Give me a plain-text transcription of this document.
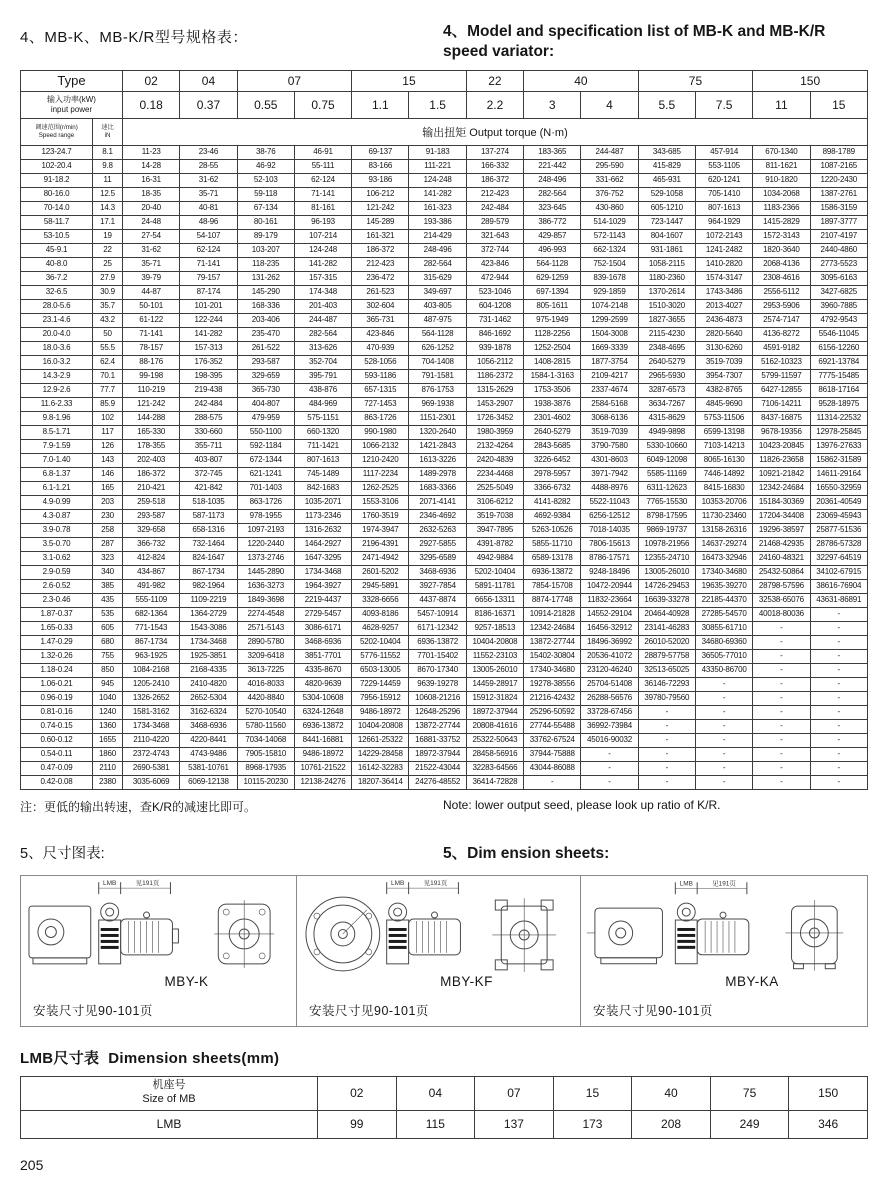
4、MB-K、MB-K/R型号规格表：	4、Model and specification list of MB-K and MB-K/R speed variator:
Type		02	04	07		15		22	40		75		150	

输入功率(kW)
input power		0.18	0.37	0.55	0.75	1.1	1.5	2.2	3	4	5.5	7.5	11	15

调速范围(r/min)
Speed range

速比
iN	输出扭矩 Output torque (N·m)
123-24.7	8.1	11-23	23-46	38-76	46-91	69-137	91-183	137-274	183-365	244-487	343-685	457-914	670-1340	898-1789
102-20.4	9.8	14-28	28-55	46-92	55-111	83-166	111-221	166-332	221-442	295-590	415-829	553-1105	811-1621	1087-2165
91-18.2	11	16-31	31-62	52-103	62-124	93-186	124-248	186-372	248-496	331-662	465-931	620-1241	910-1820	1220-2430
80-16.0	12.5	18-35	35-71	59-118	71-141	106-212	141-282	212-423	282-564	376-752	529-1058	705-1410	1034-2068	1387-2761
70-14.0	14.3	20-40	40-81	67-134	81-161	121-242	161-323	242-484	323-645	430-860	605-1210	807-1613	1183-2366	1586-3159
58-11.7	17.1	24-48	48-96	80-161	96-193	145-289	193-386	289-579	386-772	514-1029	723-1447	964-1929	1415-2829	1897-3777
53-10.5	19	27-54	54-107	89-179	107-214	161-321	214-429	321-643	429-857	572-1143	804-1607	1072-2143	1572-3143	2107-4197
45-9.1	22	31-62	62-124	103-207	124-248	186-372	248-496	372-744	496-993	662-1324	931-1861	1241-2482	1820-3640	2440-4860
40-8.0	25	35-71	71-141	118-235	141-282	212-423	282-564	423-846	564-1128	752-1504	1058-2115	1410-2820	2068-4136	2773-5523
36-7.2	27.9	39-79	79-157	131-262	157-315	236-472	315-629	472-944	629-1259	839-1678	1180-2360	1574-3147	2308-4616	3095-6163
32-6.5	30.9	44-87	87-174	145-290	174-348	261-523	349-697	523-1046	697-1394	929-1859	1370-2614	1743-3486	2556-5112	3427-6825
28.0-5.6	35.7	50-101	101-201	168-336	201-403	302-604	403-805	604-1208	805-1611	1074-2148	1510-3020	2013-4027	2953-5906	3960-7885
23.1-4.6	43.2	61-122	122-244	203-406	244-487	365-731	487-975	731-1462	975-1949	1299-2599	1827-3655	2436-4873	2574-7147	4792-9543
20.0-4.0	50	71-141	141-282	235-470	282-564	423-846	564-1128	846-1692	1128-2256	1504-3008	2115-4230	2820-5640	4136-8272	5546-11045
18.0-3.6	55.5	78-157	157-313	261-522	313-626	470-939	626-1252	939-1878	1252-2504	1669-3339	2348-4695	3130-6260	4591-9182	6156-12260
16.0-3.2	62.4	88-176	176-352	293-587	352-704	528-1056	704-1408	1056-2112	1408-2815	1877-3754	2640-5279	3519-7039	5162-10323	6921-13784
14.3-2.9	70.1	99-198	198-395	329-659	395-791	593-1186	791-1581	1186-2372	1584-1-3163	2109-4217	2965-5930	3954-7307	5799-11597	7775-15485
12.9-2.6	77.7	110-219	219-438	365-730	438-876	657-1315	876-1753	1315-2629	1753-3506	2337-4674	3287-6573	4382-8765	6427-12855	8618-17164
11.6-2.33	85.9	121-242	242-484	404-807	484-969	727-1453	969-1938	1453-2907	1938-3876	2584-5168	3634-7267	4845-9690	7106-14211	9528-18975
9.8-1.96	102	144-288	288-575	479-959	575-1151	863-1726	1151-2301	1726-3452	2301-4602	3068-6136	4315-8629	5753-11506	8437-16875	11314-22532
8.5-1.71	117	165-330	330-660	550-1100	660-1320	990-1980	1320-2640	1980-3959	2640-5279	3519-7039	4949-9898	6599-13198	9678-19356	12978-25845
7.9-1.59	126	178-355	355-711	592-1184	711-1421	1066-2132	1421-2843	2132-4264	2843-5685	3790-7580	5330-10660	7103-14213	10423-20845	13976-27633
7.0-1.40	143	202-403	403-807	672-1344	807-1613	1210-2420	1613-3226	2420-4839	3226-6452	4301-8603	6049-12098	8065-16130	11826-23658	15862-31589
6.8-1.37	146	186-372	372-745	621-1241	745-1489	1117-2234	1489-2978	2234-4468	2978-5957	3971-7942	5585-11169	7446-14892	10921-21842	14611-29164
6.1-1.21	165	210-421	421-842	701-1403	842-1683	1262-2525	1683-3366	2525-5049	3366-6732	4488-8976	6311-12623	8415-16830	12342-24684	16550-32959
4.9-0.99	203	259-518	518-1035	863-1726	1035-2071	1553-3106	2071-4141	3106-6212	4141-8282	5522-11043	7765-15530	10353-20706	15184-30369	20361-40549
4.3-0.87	230	293-587	587-1173	978-1955	1173-2346	1760-3519	2346-4692	3519-7038	4692-9384	6256-12512	8798-17595	11730-23460	17204-34408	23069-45943
3.9-0.78	258	329-658	658-1316	1097-2193	1316-2632	1974-3947	2632-5263	3947-7895	5263-10526	7018-14035	9869-19737	13158-26316	19296-38597	25877-51536
3.5-0.70	287	366-732	732-1464	1220-2440	1464-2927	2196-4391	2927-5855	4391-8782	5855-11710	7806-15613	10978-21956	14637-29274	21468-42935	28786-57328
3.1-0.62	323	412-824	824-1647	1373-2746	1647-3295	2471-4942	3295-6589	4942-9884	6589-13178	8786-17571	12355-24710	16473-32946	24160-48321	32297-64519
2.9-0.59	340	434-867	867-1734	1445-2890	1734-3468	2601-5202	3468-6936	5202-10404	6936-13872	9248-18496	13005-26010	17340-34680	25432-50864	34102-67915
2.6-0.52	385	491-982	982-1964	1636-3273	1964-3927	2945-5891	3927-7854	5891-11781	7854-15708	10472-20944	14726-29453	19635-39270	28798-57596	38616-76904
2.3-0.46	435	555-1109	1109-2219	1849-3698	2219-4437	3328-6656	4437-8874	6656-13311	8874-17748	11832-23664	16639-33278	22185-44370	32538-65076	43631-86891
1.87-0.37	535	682-1364	1364-2729	2274-4548	2729-5457	4093-8186	5457-10914	8186-16371	10914-21828	14552-29104	20464-40928	27285-54570	40018-80036	-
1.65-0.33	605	771-1543	1543-3086	2571-5143	3086-6171	4628-9257	6171-12342	9257-18513	12342-24684	16456-32912	23141-46283	30855-61710	-	-
1.47-0.29	680	867-1734	1734-3468	2890-5780	3468-6936	5202-10404	6936-13872	10404-20808	13872-27744	18496-36992	26010-52020	34680-69360	-	-
1.32-0.26	755	963-1925	1925-3851	3209-6418	3851-7701	5776-11552	7701-15402	11552-23103	15402-30804	20536-41072	28879-57758	36505-77010	-	-
1.18-0.24	850	1084-2168	2168-4335	3613-7225	4335-8670	6503-13005	8670-17340	13005-26010	17340-34680	23120-46240	32513-65025	43350-86700	-	-
1.06-0.21	945	1205-2410	2410-4820	4016-8033	4820-9639	7229-14459	9639-19278	14459-28917	19278-38556	25704-51408	36146-72293	-	-	-
0.96-0.19	1040	1326-2652	2652-5304	4420-8840	5304-10608	7956-15912	10608-21216	15912-31824	21216-42432	26288-56576	39780-79560	-	-	-
0.81-0.16	1240	1581-3162	3162-6324	5270-10540	6324-12648	9486-18972	12648-25296	18972-37944	25296-50592	33728-67456	-	-	-	-
0.74-0.15	1360	1734-3468	3468-6936	5780-11560	6936-13872	10404-20808	13872-27744	20808-41616	27744-55488	36992-73984	-	-	-	-
0.60-0.12	1655	2110-4220	4220-8441	7034-14068	8441-16881	12661-25322	16881-33752	25322-50643	33762-67524	45016-90032	-	-	-	-
0.54-0.11	1860	2372-4743	4743-9486	7905-15810	9486-18972	14229-28458	18972-37944	28458-56916	37944-75888	-	-	-	-	-
0.47-0.09	2110	2690-5381	5381-10761	8968-17935	10761-21522	16142-32283	21522-43044	32283-64566	43044-86088	-	-	-	-	-
0.42-0.08	2380	3035-6069	6069-12138	10115-20230	12138-24276	18207-36414	24276-48552	36414-72828	-	-	-	-	-	-
注：更低的输出转速，查K/R的减速比即可。	Note: lower output seed, please look up ratio of K/R.
5、尺寸图表:	5、Dim ension sheets:
LMB	见191页
MBY-K
安装尺寸见90-101页
LMB	见191页
MBY-KF
安装尺寸见90-101页
LMB	见191页
MBY-KA
安装尺寸见90-101页
LMB尺寸表 Dimension sheets(mm)
机座号
Size of MB	02	04	07	15	40	75	150
LMB	99	115	137	173	208	249	346
205
